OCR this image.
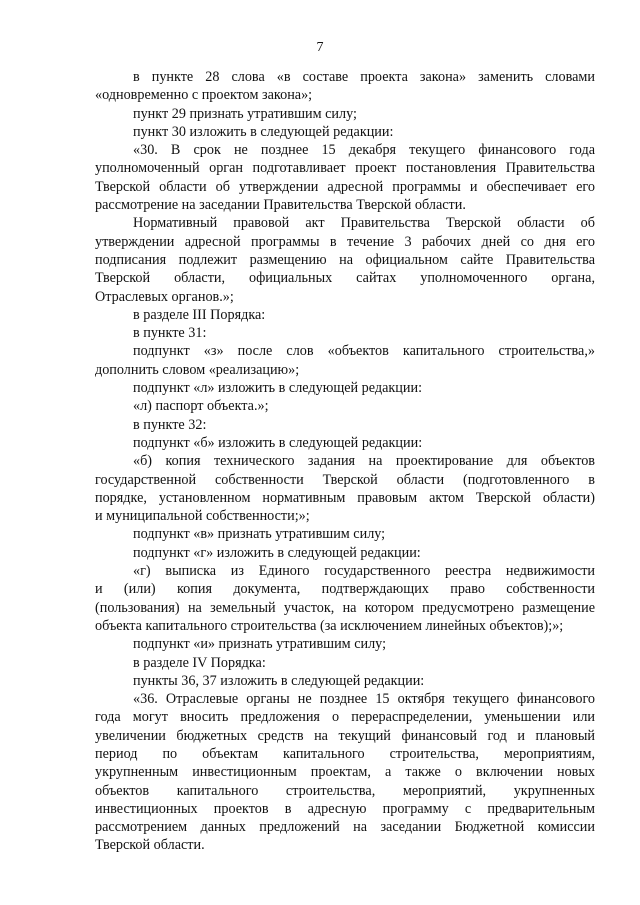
7
в пункте 28 слова «в составе проекта закона» заменить словами
«одновременно с проектом закона»;
пункт 29 признать утратившим силу;
пункт 30 изложить в следующей редакции:
«30. В срок не позднее 15 декабря текущего финансового года
уполномоченный орган подготавливает проект постановления Правительства
Тверской области об утверждении адресной программы и обеспечивает его
рассмотрение на заседании Правительства Тверской области.
Нормативный правовой акт Правительства Тверской области об
утверждении адресной программы в течение 3 рабочих дней со дня его
подписания подлежит размещению на официальном сайте Правительства
Тверской области, официальных сайтах уполномоченного органа,
Отраслевых органов.»;
в разделе III Порядка:
в пункте 31:
подпункт «з» после слов «объектов капитального строительства,»
дополнить словом «реализацию»;
подпункт «л» изложить в следующей редакции:
«л) паспорт объекта.»;
в пункте 32:
подпункт «б» изложить в следующей редакции:
«б) копия технического задания на проектирование для объектов
государственной собственности Тверской области (подготовленного в
порядке, установленном нормативным правовым актом Тверской области)
и муниципальной собственности;»;
подпункт «в» признать утратившим силу;
подпункт «г» изложить в следующей редакции:
«г) выписка из Единого государственного реестра недвижимости
и (или) копия документа, подтверждающих право собственности
(пользования) на земельный участок, на котором предусмотрено размещение
объекта капитального строительства (за исключением линейных объектов);»;
подпункт «и» признать утратившим силу;
в разделе IV Порядка:
пункты 36, 37 изложить в следующей редакции:
«36. Отраслевые органы не позднее 15 октября текущего финансового
года могут вносить предложения о перераспределении, уменьшении или
увеличении бюджетных средств на текущий финансовый год и плановый
период по объектам капитального строительства, мероприятиям,
укрупненным инвестиционным проектам, а также о включении новых
объектов капитального строительства, мероприятий, укрупненных
инвестиционных проектов в адресную программу с предварительным
рассмотрением данных предложений на заседании Бюджетной комиссии
Тверской области.
